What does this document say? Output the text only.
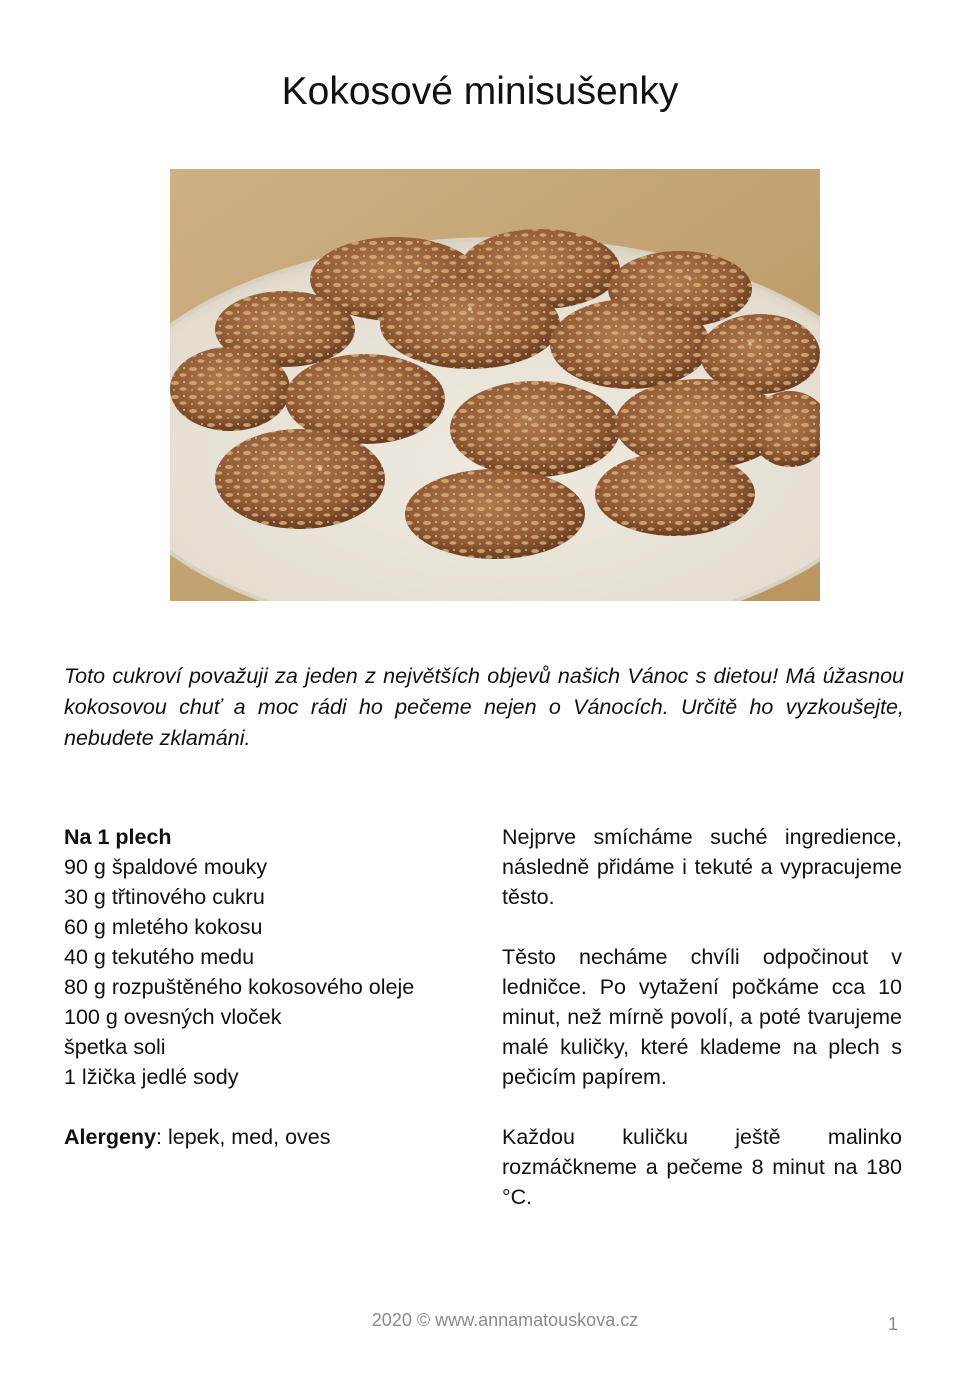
Kokosové minisušenky

Toto cukroví považuji za jeden z největších objevů našich Vánoc s dietou! Má úžasnou kokosovou chuť a moc rádi ho pečeme nejen o Vánocích. Určitě ho vyzkoušejte, nebudete zklamáni.

Na 1 plech
90 g špaldové mouky
30 g třtinového cukru
60 g mletého kokosu
40 g tekutého medu
80 g rozpuštěného kokosového oleje
100 g ovesných vloček
špetka soli
1 lžička jedlé sody
Alergeny: lepek, med, oves

Nejprve smícháme suché ingredience, následně přidáme i tekuté a vypracujeme těsto.

Těsto necháme chvíli odpočinout v ledničce. Po vytažení počkáme cca 10 minut, než mírně povolí, a poté tvarujeme malé kuličky, které klademe na plech s pečicím papírem.

Každou kuličku ještě malinko rozmáčkneme a pečeme 8 minut na 180 °C.

2020 © www.annamatouskova.cz	1
